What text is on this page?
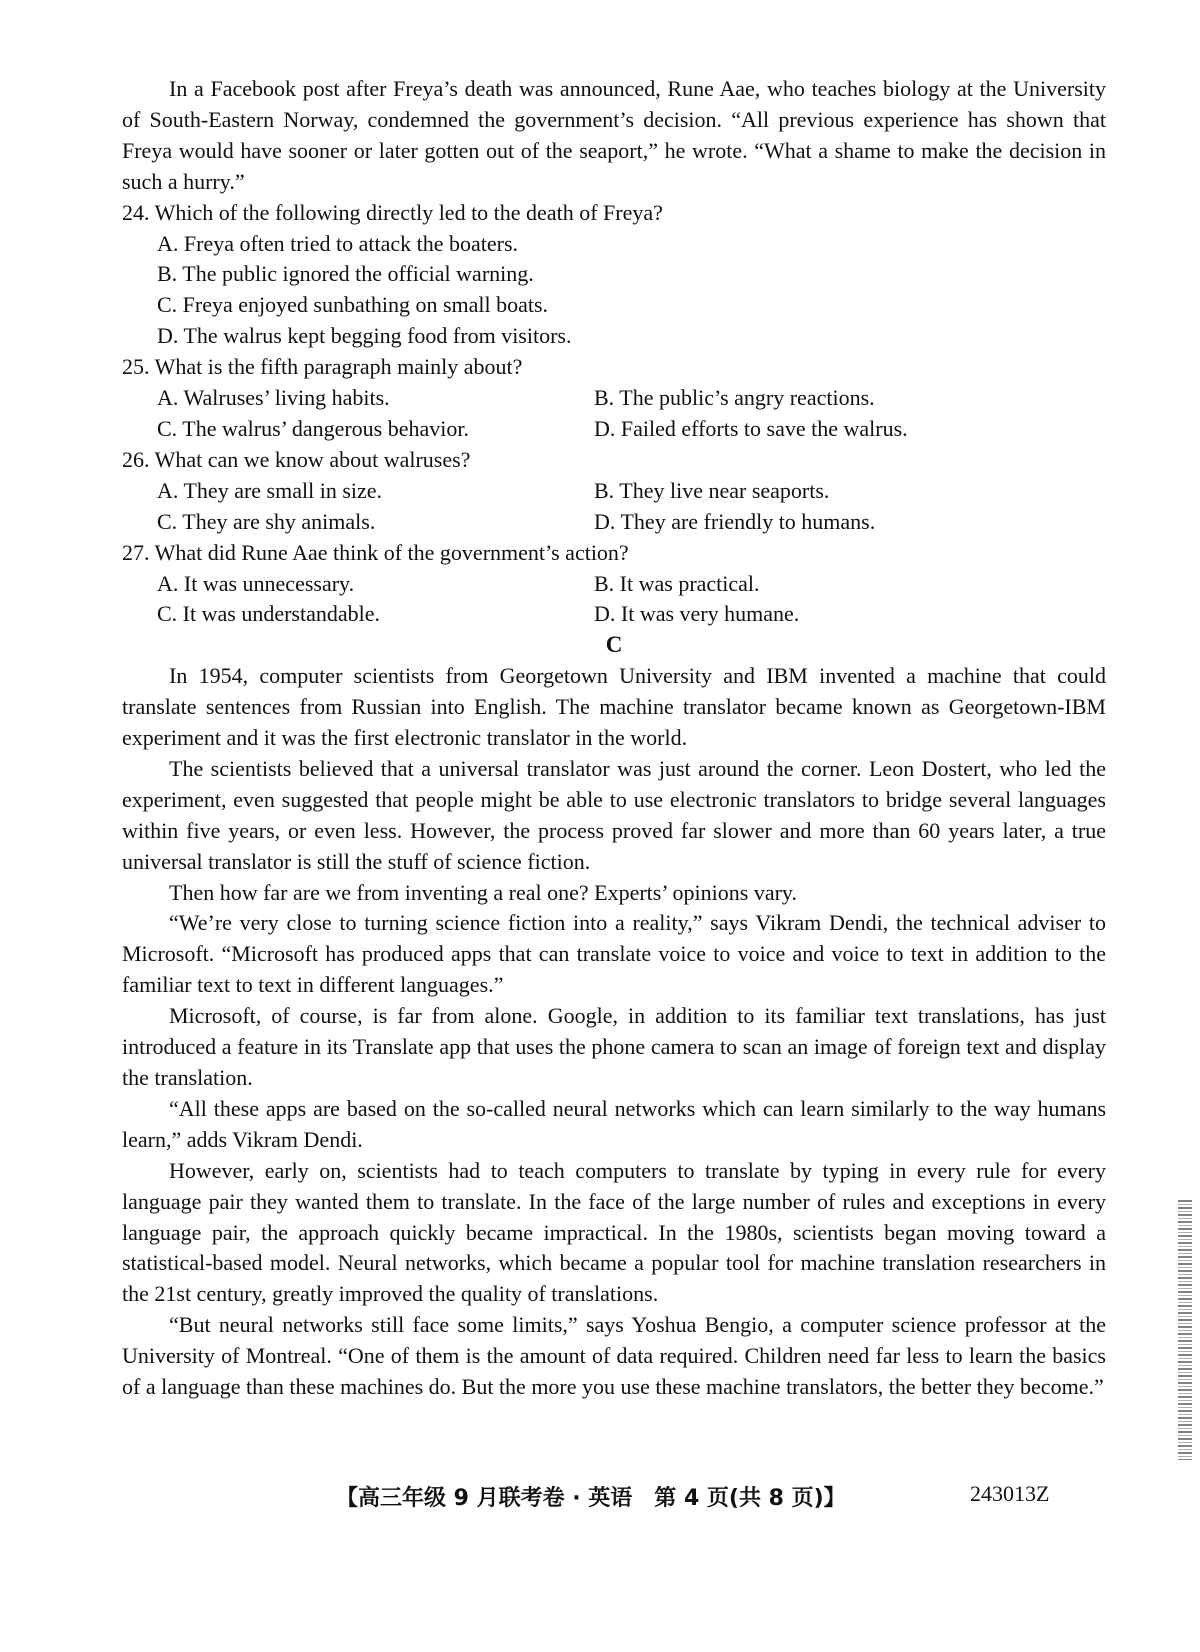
In a Facebook post after Freya’s death was announced, Rune Aae, who teaches biology at the University of South-Eastern Norway, condemned the government’s decision. “All previous experience has shown that Freya would have sooner or later gotten out of the seaport,” he wrote. “What a shame to make the decision in such a hurry.”

24. Which of the following directly led to the death of Freya?

A. Freya often tried to attack the boaters.
B. The public ignored the official warning.
C. Freya enjoyed sunbathing on small boats.
D. The walrus kept begging food from visitors.

25. What is the fifth paragraph mainly about?

A. Walruses’ living habits.	B. The public’s angry reactions.
C. The walrus’ dangerous behavior.	D. Failed efforts to save the walrus.

26. What can we know about walruses?

A. They are small in size.	B. They live near seaports.
C. They are shy animals.	D. They are friendly to humans.

27. What did Rune Aae think of the government’s action?

A. It was unnecessary.	B. It was practical.
C. It was understandable.	D. It was very humane.

C

In 1954, computer scientists from Georgetown University and IBM invented a machine that could translate sentences from Russian into English. The machine translator became known as Georgetown-IBM experiment and it was the first electronic translator in the world.

The scientists believed that a universal translator was just around the corner. Leon Dostert, who led the experiment, even suggested that people might be able to use electronic translators to bridge several languages within five years, or even less. However, the process proved far slower and more than 60 years later, a true universal translator is still the stuff of science fiction.

Then how far are we from inventing a real one? Experts’ opinions vary.

“We’re very close to turning science fiction into a reality,” says Vikram Dendi, the technical adviser to Microsoft. “Microsoft has produced apps that can translate voice to voice and voice to text in addition to the familiar text to text in different languages.”

Microsoft, of course, is far from alone. Google, in addition to its familiar text translations, has just introduced a feature in its Translate app that uses the phone camera to scan an image of foreign text and display the translation.

“All these apps are based on the so-called neural networks which can learn similarly to the way humans learn,” adds Vikram Dendi.

However, early on, scientists had to teach computers to translate by typing in every rule for every language pair they wanted them to translate. In the face of the large number of rules and exceptions in every language pair, the approach quickly became impractical. In the 1980s, scientists began moving toward a statistical-based model. Neural networks, which became a popular tool for machine translation researchers in the 21st century, greatly improved the quality of translations.

“But neural networks still face some limits,” says Yoshua Bengio, a computer science professor at the University of Montreal. “One of them is the amount of data required. Children need far less to learn the basics of a language than these machines do. But the more you use these machine translators, the better they become.”

【高三年级 9 月联考卷 · 英语　第 4 页(共 8 页)】	243013Z
